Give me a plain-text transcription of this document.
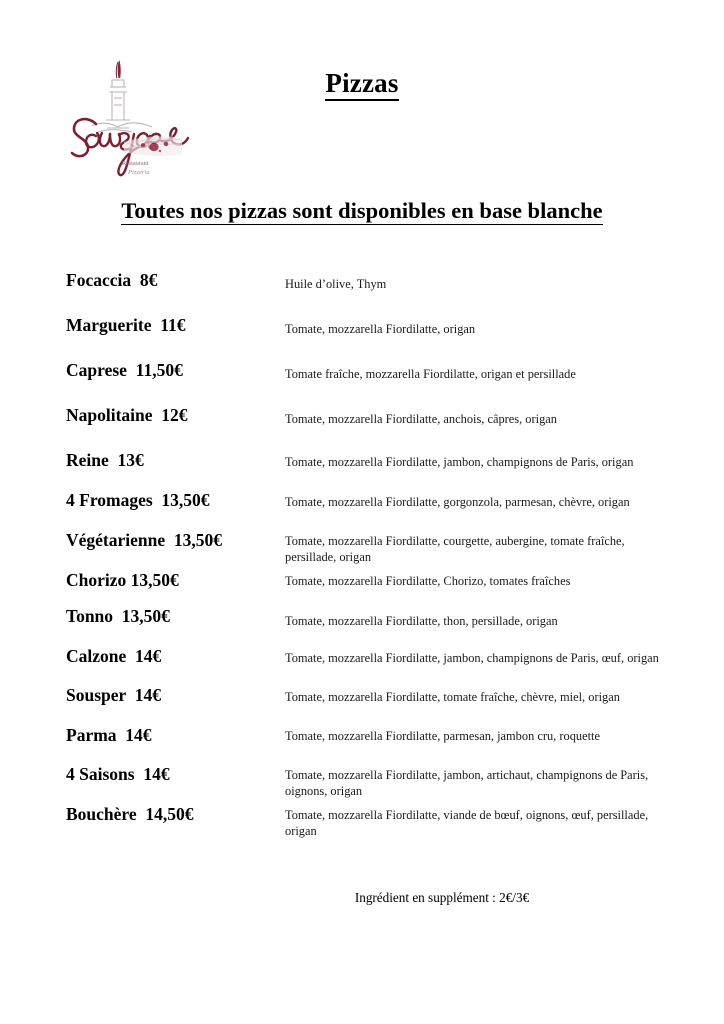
Restaurant
Pizzeria
Pizzas
Toutes nos pizzas sont disponibles en base blanche
Focaccia  8€	Huile d’olive, Thym
Marguerite  11€	Tomate, mozzarella Fiordilatte, origan
Caprese  11,50€	Tomate fraîche, mozzarella Fiordilatte, origan et persillade
Napolitaine  12€	Tomate, mozzarella Fiordilatte, anchois, câpres, origan
Reine  13€	Tomate, mozzarella Fiordilatte, jambon, champignons de Paris, origan
4 Fromages  13,50€	Tomate, mozzarella Fiordilatte, gorgonzola, parmesan, chèvre, origan
Végétarienne  13,50€	Tomate, mozzarella Fiordilatte, courgette, aubergine, tomate fraîche, persillade, origan
Chorizo 13,50€	Tomate, mozzarella Fiordilatte, Chorizo, tomates fraîches
Tonno  13,50€	Tomate, mozzarella Fiordilatte, thon, persillade, origan
Calzone  14€	Tomate, mozzarella Fiordilatte, jambon, champignons de Paris, œuf, origan
Sousper  14€	Tomate, mozzarella Fiordilatte, tomate fraîche, chèvre, miel, origan
Parma  14€	Tomate, mozzarella Fiordilatte, parmesan, jambon cru, roquette
4 Saisons  14€	Tomate, mozzarella Fiordilatte, jambon, artichaut, champignons de Paris, oignons, origan
Bouchère  14,50€	Tomate, mozzarella Fiordilatte, viande de bœuf, oignons, œuf, persillade, origan
Ingrédient en supplément : 2€/3€
